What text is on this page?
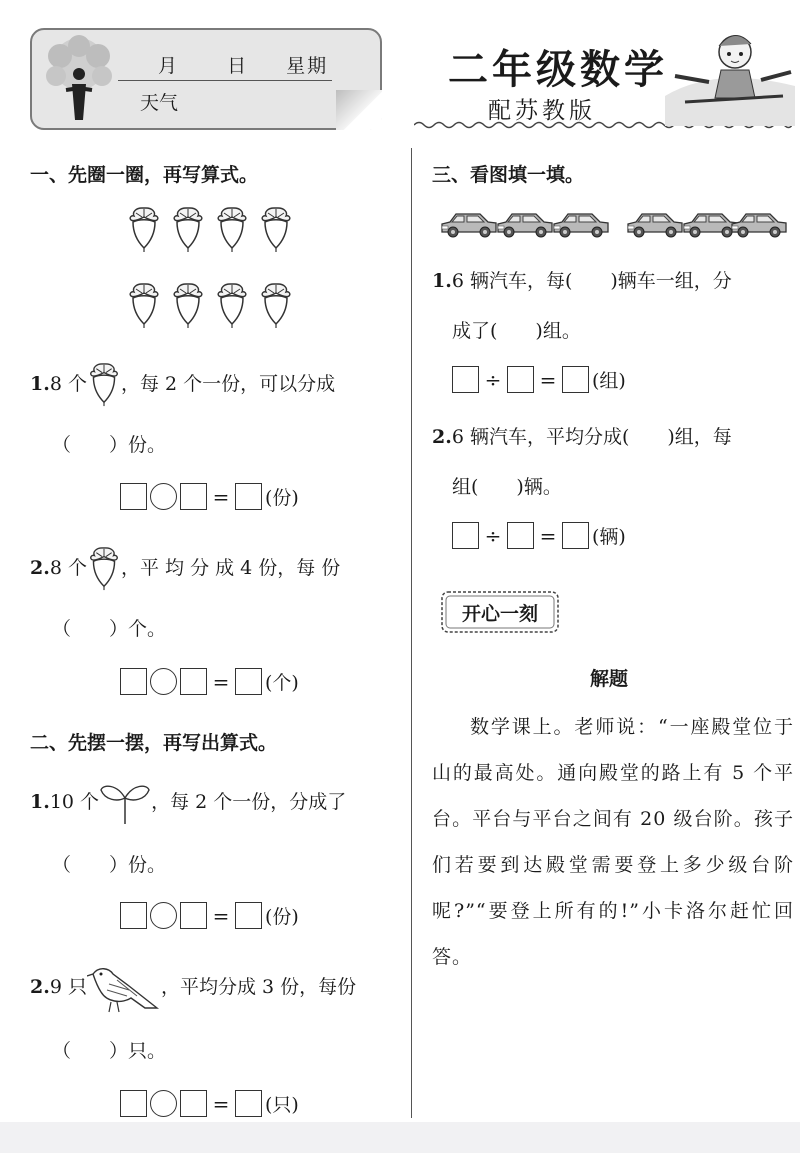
月	日 星期
天气
二年级数学
配苏教版
一、先圈一圈，再写算式。
1.8 个 ，每 2 个一份，可以分成
（　　）份。
= (份)
2.8 个 ，平 均 分 成 4 份，每 份
（　　）个。
= (个)
二、先摆一摆，再写出算式。
1.10 个	，每 2 个一份，分成了
（　　）份。
= (份)
2.9 只	，平均分成 3 份，每份
（　　）只。
= (只)
三、看图填一填。
1.6 辆汽车，每(　　)辆车一组，分
成了(　　)组。
÷ = (组)
2.6 辆汽车，平均分成(　　)组，每
组(　　)辆。
÷ = (辆)
开心一刻
解题
数学课上。老师说：“一座殿堂位于山的最高处。通向殿堂的路上有 5 个平台。平台与平台之间有 20 级台阶。孩子们若要到达殿堂需要登上多少级台阶呢?”“要登上所有的!”小卡洛尔赶忙回答。
